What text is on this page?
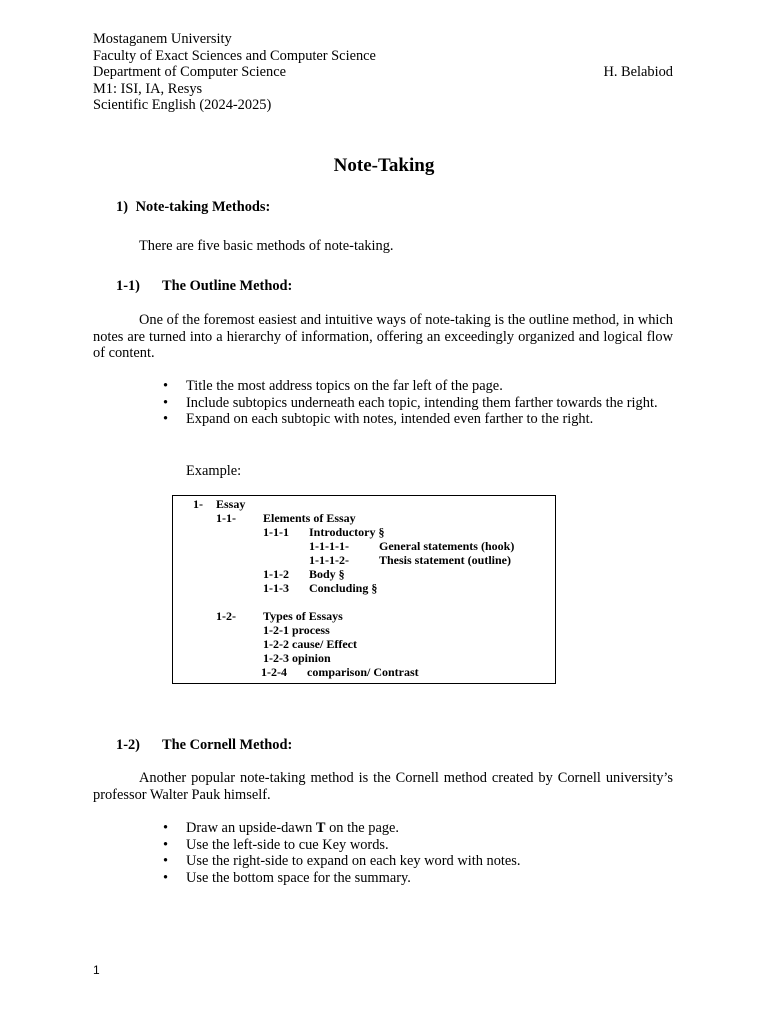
Mostaganem University
Faculty of Exact Sciences and Computer Science
Department of Computer Science	H. Belabiod
M1: ISI, IA, Resys
Scientific English (2024-2025)
Note-Taking
1) Note-taking Methods:
There are five basic methods of note-taking.
1-1) The Outline Method:
One of the foremost easiest and intuitive ways of note-taking is the outline method, in which notes are turned into a hierarchy of information, offering an exceedingly organized and logical flow of content.
• Title the most address topics on the far left of the page.
• Include subtopics underneath each topic, intending them farther towards the right.
• Expand on each subtopic with notes, intended even farther to the right.
Example:
1- Essay
1-1- Elements of Essay
1-1-1 Introductory §
1-1-1-1-	General statements (hook)
1-1-1-2-	Thesis statement (outline)
1-1-2 Body §
1-1-3 Concluding §
1-2- Types of Essays
1-2-1 process
1-2-2 cause/ Effect
1-2-3 opinion
1-2-4 comparison/ Contrast
1-2) The Cornell Method:
Another popular note-taking method is the Cornell method created by Cornell university’s professor Walter Pauk himself.
• Draw an upside-dawn T on the page.
• Use the left-side to cue Key words.
• Use the right-side to expand on each key word with notes.
• Use the bottom space for the summary.
1
